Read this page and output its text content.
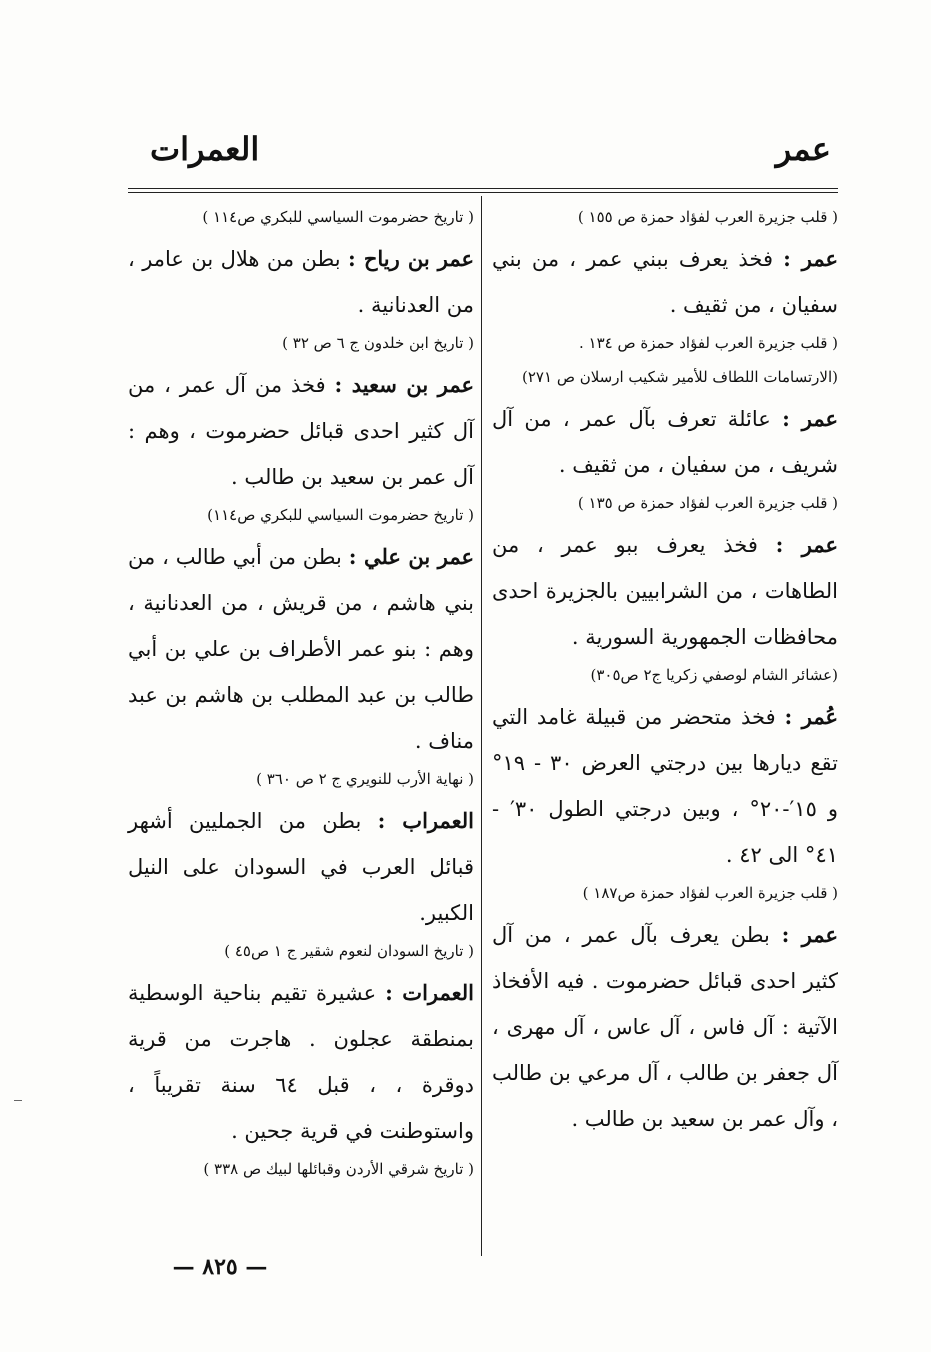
عمر
العمرات

( قلب جزيرة العرب لفؤاد حمزة ص ١٥٥ )

عمر : فخذ يعرف ببني عمر ، من بني سفيان ، من ثقيف .

( قلب جزيرة العرب لفؤاد حمزة ص ١٣٤ .

(الارتسامات اللطاف للأمير شكيب ارسلان ص ٢٧١)

عمر : عائلة تعرف بآل عمر ، من آل شريف ، من سفيان ، من ثقيف .

( قلب جزيرة العرب لفؤاد حمزة ص ١٣٥ )

عمر : فخذ يعرف ببو عمر ، من الطاهات ، من الشرابيين بالجزيرة احدى محافظات الجمهورية السورية .

(عشائر الشام لوصفي زكريا ج٢ ص٣٠٥)

عُمر : فخذ متحضر من قبيلة غامد التي تقع ديارها بين درجتي العرض ٣٠ - ١٩° و ١٥′-٢٠° ، وبين درجتي الطول ٣٠′ - ٤١° الى ٤٢ .

( قلب جزيرة العرب لفؤاد حمزة ص١٨٧ )

عمر : بطن يعرف بآل عمر ، من آل كثير احدى قبائل حضرموت . فيه الأفخاذ الآتية : آل فاس ، آل عاس ، آل مهرى ، آل جعفر بن طالب ، آل مرعي بن طالب ، وآل عمر بن سعيد بن طالب .

( تاريخ حضرموت السياسي للبكري ص١١٤ )

عمر بن رياح : بطن من هلال بن عامر ، من العدنانية .

( تاريخ ابن خلدون ج ٦ ص ٣٢ )

عمر بن سعيد : فخذ من آل عمر ، من آل كثير احدى قبائل حضرموت ، وهم : آل عمر بن سعيد بن طالب .

( تاريخ حضرموت السياسي للبكري ص١١٤)

عمر بن علي : بطن من أبي طالب ، من بني هاشم ، من قريش ، من العدنانية ، وهم : بنو عمر الأطراف بن علي بن أبي طالب بن عبد المطلب بن هاشم بن عبد مناف .

( نهاية الأرب للنويري ج ٢ ص ٣٦٠ )

العمراب : بطن من الجمليين أشهر قبائل العرب في السودان على النيل الكبير.

( تاريخ السودان لنعوم شقير ج ١ ص٤٥ )

العمرات : عشيرة تقيم بناحية الوسطية بمنطقة عجلون . هاجرت من قرية دوقرة ، ، قبل ٦٤ سنة تقريباً ، واستوطنت في قرية جحين .

( تاريخ شرقي الأردن وقبائلها لبيك ص ٣٣٨ )

— ٨٢٥ —
